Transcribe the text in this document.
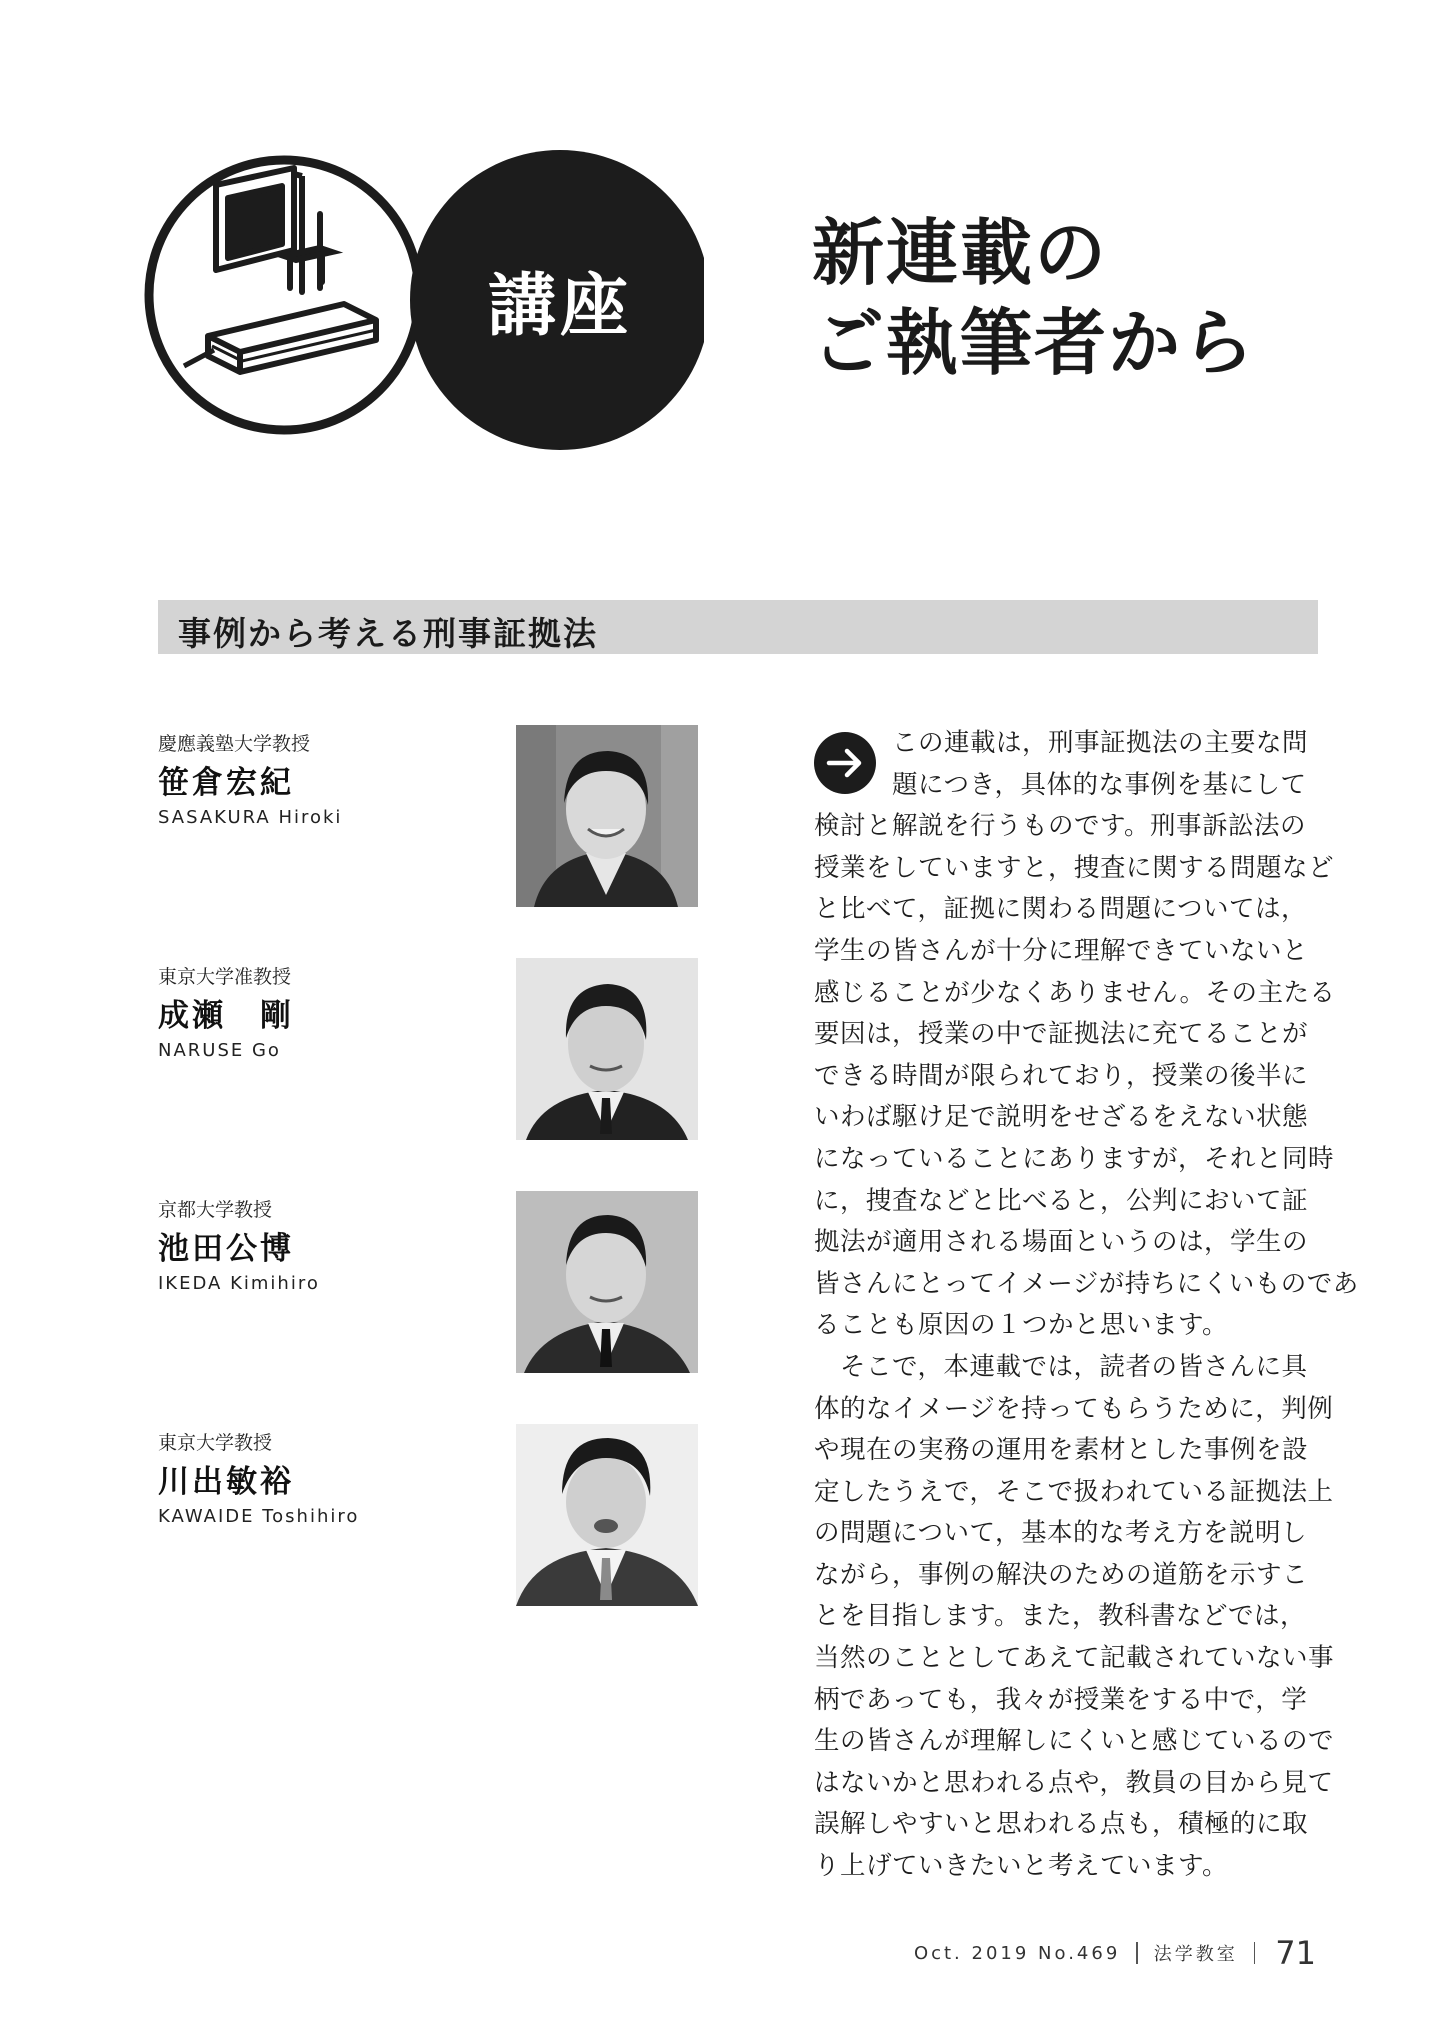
講座
新連載の
ご執筆者から
事例から考える刑事証拠法
慶應義塾大学教授
笹倉宏紀
SASAKURA Hiroki
東京大学准教授
成瀬　剛
NARUSE Go
京都大学教授
池田公博
IKEDA Kimihiro
東京大学教授
川出敏裕
KAWAIDE Toshihiro
この連載は，刑事証拠法の主要な問
題につき，具体的な事例を基にして
検討と解説を行うものです。刑事訴訟法の
授業をしていますと，捜査に関する問題など
と比べて，証拠に関わる問題については，
学生の皆さんが十分に理解できていないと
感じることが少なくありません。その主たる
要因は，授業の中で証拠法に充てることが
できる時間が限られており，授業の後半に
いわば駆け足で説明をせざるをえない状態
になっていることにありますが，それと同時
に，捜査などと比べると，公判において証
拠法が適用される場面というのは，学生の
皆さんにとってイメージが持ちにくいものであ
ることも原因の１つかと思います。
そこで，本連載では，読者の皆さんに具
体的なイメージを持ってもらうために，判例
や現在の実務の運用を素材とした事例を設
定したうえで，そこで扱われている証拠法上
の問題について，基本的な考え方を説明し
ながら，事例の解決のための道筋を示すこ
とを目指します。また，教科書などでは，
当然のこととしてあえて記載されていない事
柄であっても，我々が授業をする中で，学
生の皆さんが理解しにくいと感じているので
はないかと思われる点や，教員の目から見て
誤解しやすいと思われる点も，積極的に取
り上げていきたいと考えています。
Oct. 2019 No.469 法学教室 71
